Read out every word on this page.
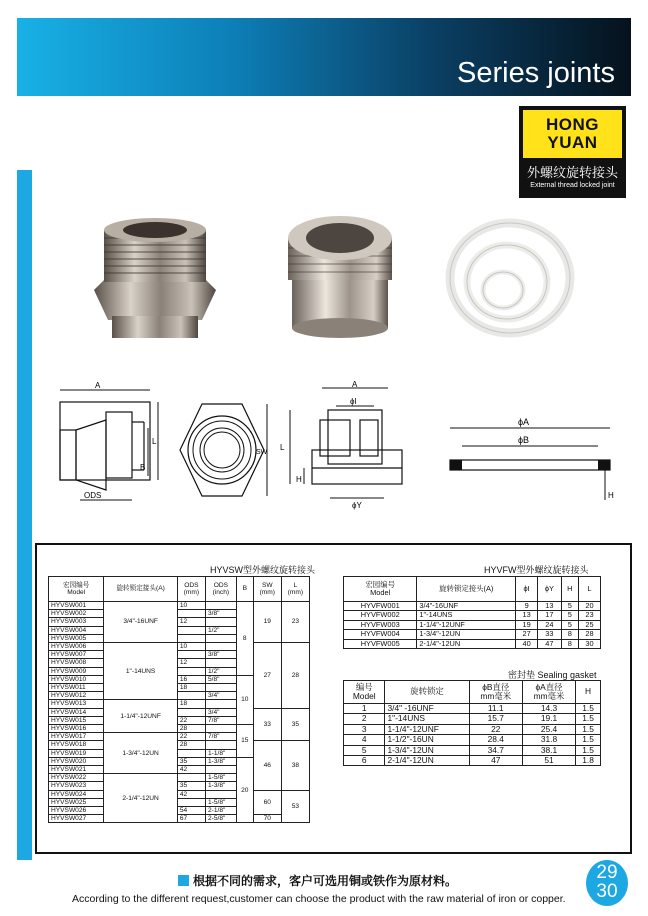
Series joints
HONG
YUAN
外螺纹旋转接头
External thread locked joint
A
L
B
ODS
SW
A
ϕI
L
H
ϕY
ϕA
ϕB
H
HYVSW型外螺纹旋转接头
宏园编号
Model	旋转锁定接头(A)	ODS
(mm)	ODS
(inch)	B	SW
(mm)	L
(mm)
HYVSW001	3/4"-16UNF	10		8	19	23
HYVSW002			3/8"			
HYVSW003		12				
HYVSW004			1/2"			
HYVSW005						
HYVSW006	1"-14UNS	10			27	28
HYVSW007			3/8"			
HYVSW008		12				
HYVSW009			1/2"			
HYVSW010		16	5/8"	10		
HYVSW011		18				
HYVSW012			3/4"			
HYVSW013	1-1/4"-12UNF	18				
HYVSW014			3/4"		33	35
HYVSW015		22	7/8"			
HYVSW016		28		15		
HYVSW017	1-3/4"-12UN	22	7/8"			
HYVSW018		28			46	38
HYVSW019			1-1/8"			
HYVSW020		35	1-3/8"	20		
HYVSW021		42				
HYVSW022	2-1/4"-12UN		1-5/8"			
HYVSW023		35	1-3/8"			
HYVSW024		42			60	53
HYVSW025			1-5/8"			
HYVSW026		54	2-1/8"			
HYVSW027		67	2-5/8"		70	
HYVFW型外螺纹旋转接头
宏园编号
Model	旋转锁定接头(A)	ϕI	ϕY	H	L
HYVFW001	3/4"-16UNF	9	13	5	20
HYVFW002	1"-14UNS	13	17	5	23
HYVFW003	1-1/4"-12UNF	19	24	5	25
HYVFW004	1-3/4"-12UN	27	33	8	28
HYVFW005	2-1/4"-12UN	40	47	8	30
密封垫 Sealing gasket
编号
Model	旋转锁定	ϕB直径
mm毫米	ϕA直径
mm毫米	H
1	3/4" -16UNF	11.1	14.3	1.5
2	1"-14UNS	15.7	19.1	1.5
3	1-1/4"-12UNF	22	25.4	1.5
4	1-1/2"-16UN	28.4	31.8	1.5
5	1-3/4"-12UN	34.7	38.1	1.5
6	2-1/4"-12UN	47	51	1.8
根据不同的需求，客户可选用铜或铁作为原材料。
According to the different request,customer can choose the product with the raw material of iron or copper.
29
30
